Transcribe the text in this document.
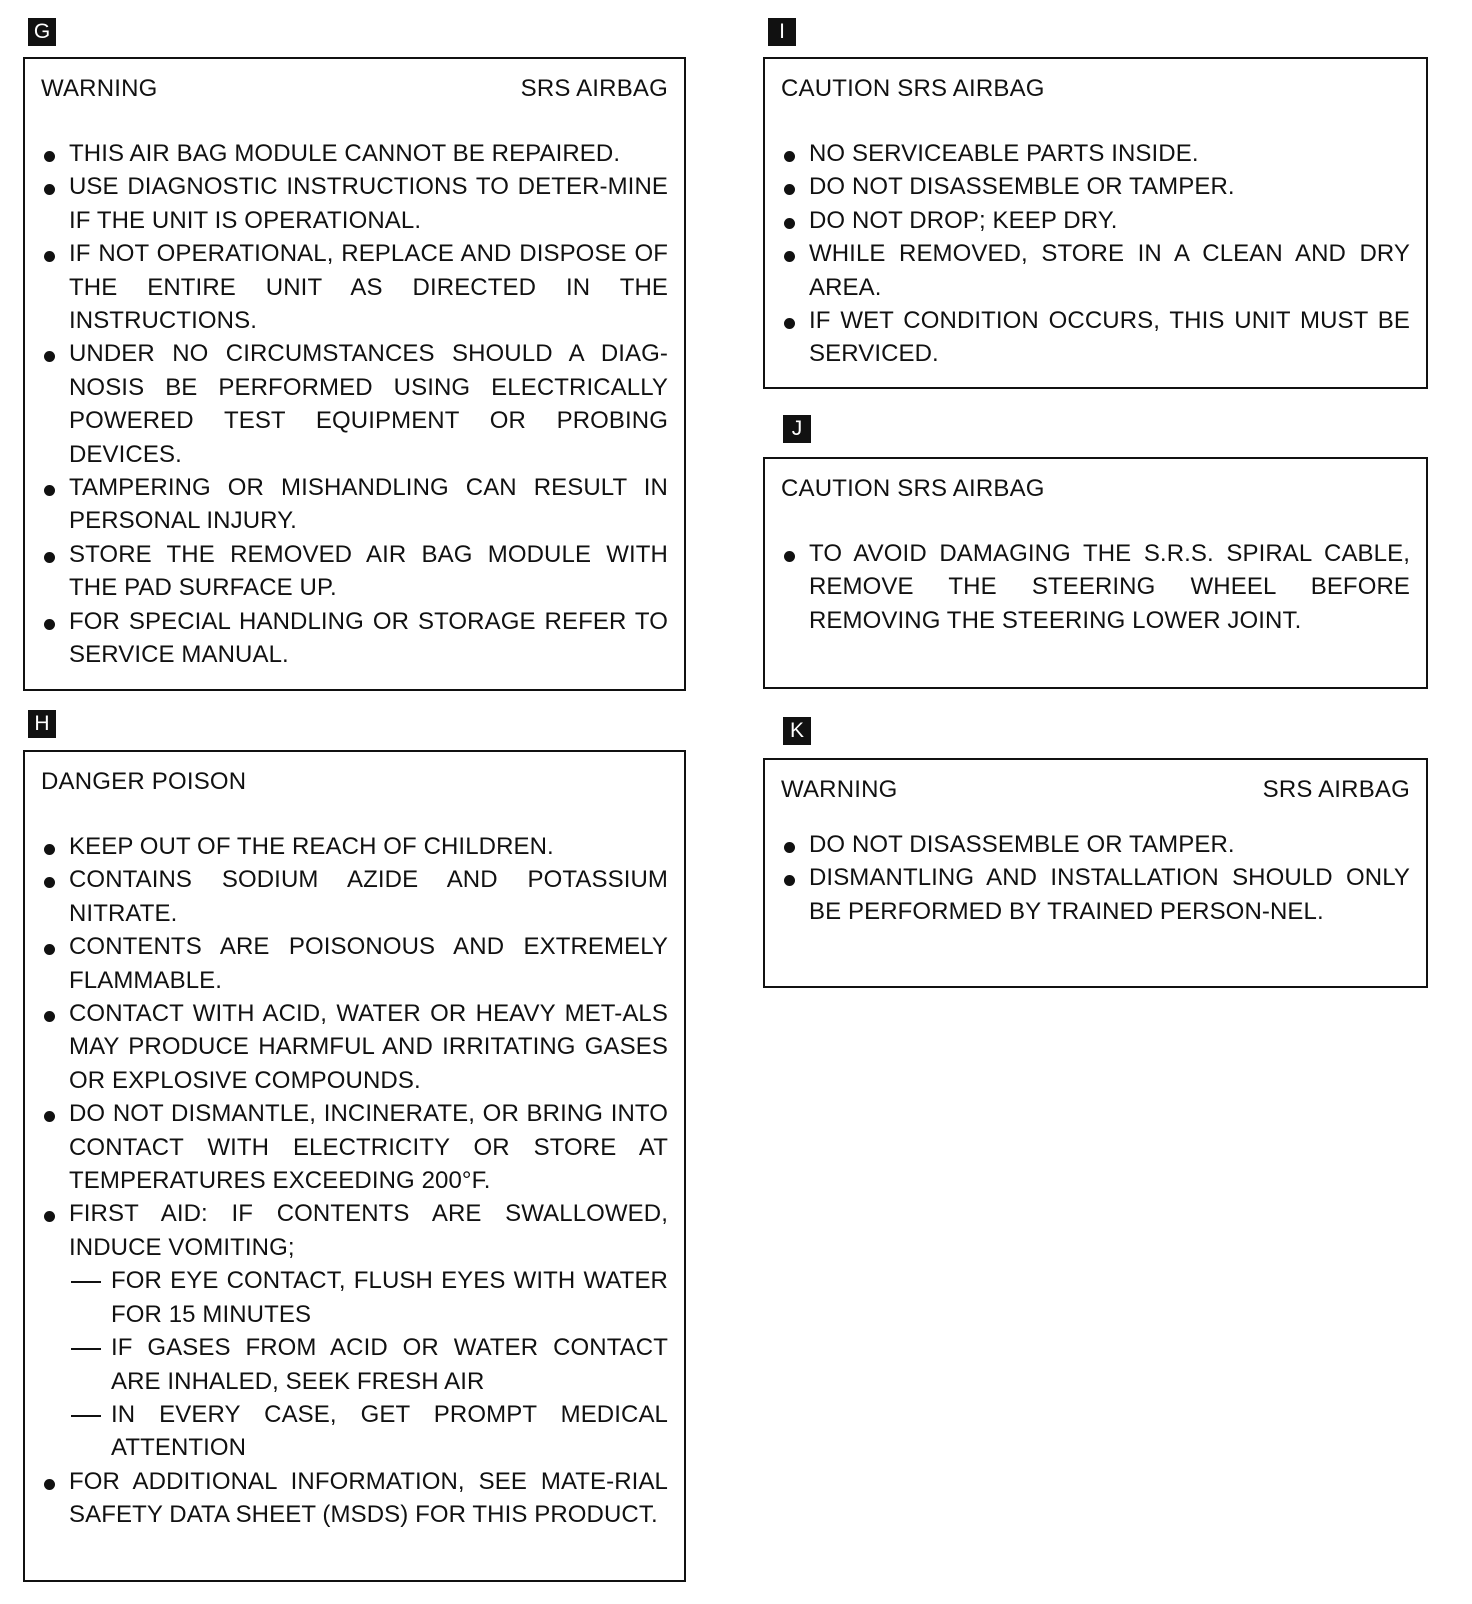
G
WARNING	SRS AIRBAG
THIS AIR BAG MODULE CANNOT BE REPAIRED.
USE DIAGNOSTIC INSTRUCTIONS TO DETER-MINE IF THE UNIT IS OPERATIONAL.
IF NOT OPERATIONAL, REPLACE AND DISPOSE OF THE ENTIRE UNIT AS DIRECTED IN THE INSTRUCTIONS.
UNDER NO CIRCUMSTANCES SHOULD A DIAG-NOSIS BE PERFORMED USING ELECTRICALLY POWERED TEST EQUIPMENT OR PROBING DEVICES.
TAMPERING OR MISHANDLING CAN RESULT IN PERSONAL INJURY.
STORE THE REMOVED AIR BAG MODULE WITH THE PAD SURFACE UP.
FOR SPECIAL HANDLING OR STORAGE REFER TO SERVICE MANUAL.
H
DANGER POISON
KEEP OUT OF THE REACH OF CHILDREN.
CONTAINS SODIUM AZIDE AND POTASSIUM NITRATE.
CONTENTS ARE POISONOUS AND EXTREMELY FLAMMABLE.
CONTACT WITH ACID, WATER OR HEAVY MET-ALS MAY PRODUCE HARMFUL AND IRRITATING GASES OR EXPLOSIVE COMPOUNDS.
DO NOT DISMANTLE, INCINERATE, OR BRING INTO CONTACT WITH ELECTRICITY OR STORE AT TEMPERATURES EXCEEDING 200°F.
FIRST AID: IF CONTENTS ARE SWALLOWED, INDUCE VOMITING;
FOR EYE CONTACT, FLUSH EYES WITH WATER FOR 15 MINUTES
IF GASES FROM ACID OR WATER CONTACT ARE INHALED, SEEK FRESH AIR
IN EVERY CASE, GET PROMPT MEDICAL ATTENTION
FOR ADDITIONAL INFORMATION, SEE MATE-RIAL SAFETY DATA SHEET (MSDS) FOR THIS PRODUCT.
I
CAUTION SRS AIRBAG
NO SERVICEABLE PARTS INSIDE.
DO NOT DISASSEMBLE OR TAMPER.
DO NOT DROP; KEEP DRY.
WHILE REMOVED, STORE IN A CLEAN AND DRY AREA.
IF WET CONDITION OCCURS, THIS UNIT MUST BE SERVICED.
J
CAUTION SRS AIRBAG
TO AVOID DAMAGING THE S.R.S. SPIRAL CABLE, REMOVE THE STEERING WHEEL BEFORE REMOVING THE STEERING LOWER JOINT.
K
WARNING	SRS AIRBAG
DO NOT DISASSEMBLE OR TAMPER.
DISMANTLING AND INSTALLATION SHOULD ONLY BE PERFORMED BY TRAINED PERSON-NEL.
